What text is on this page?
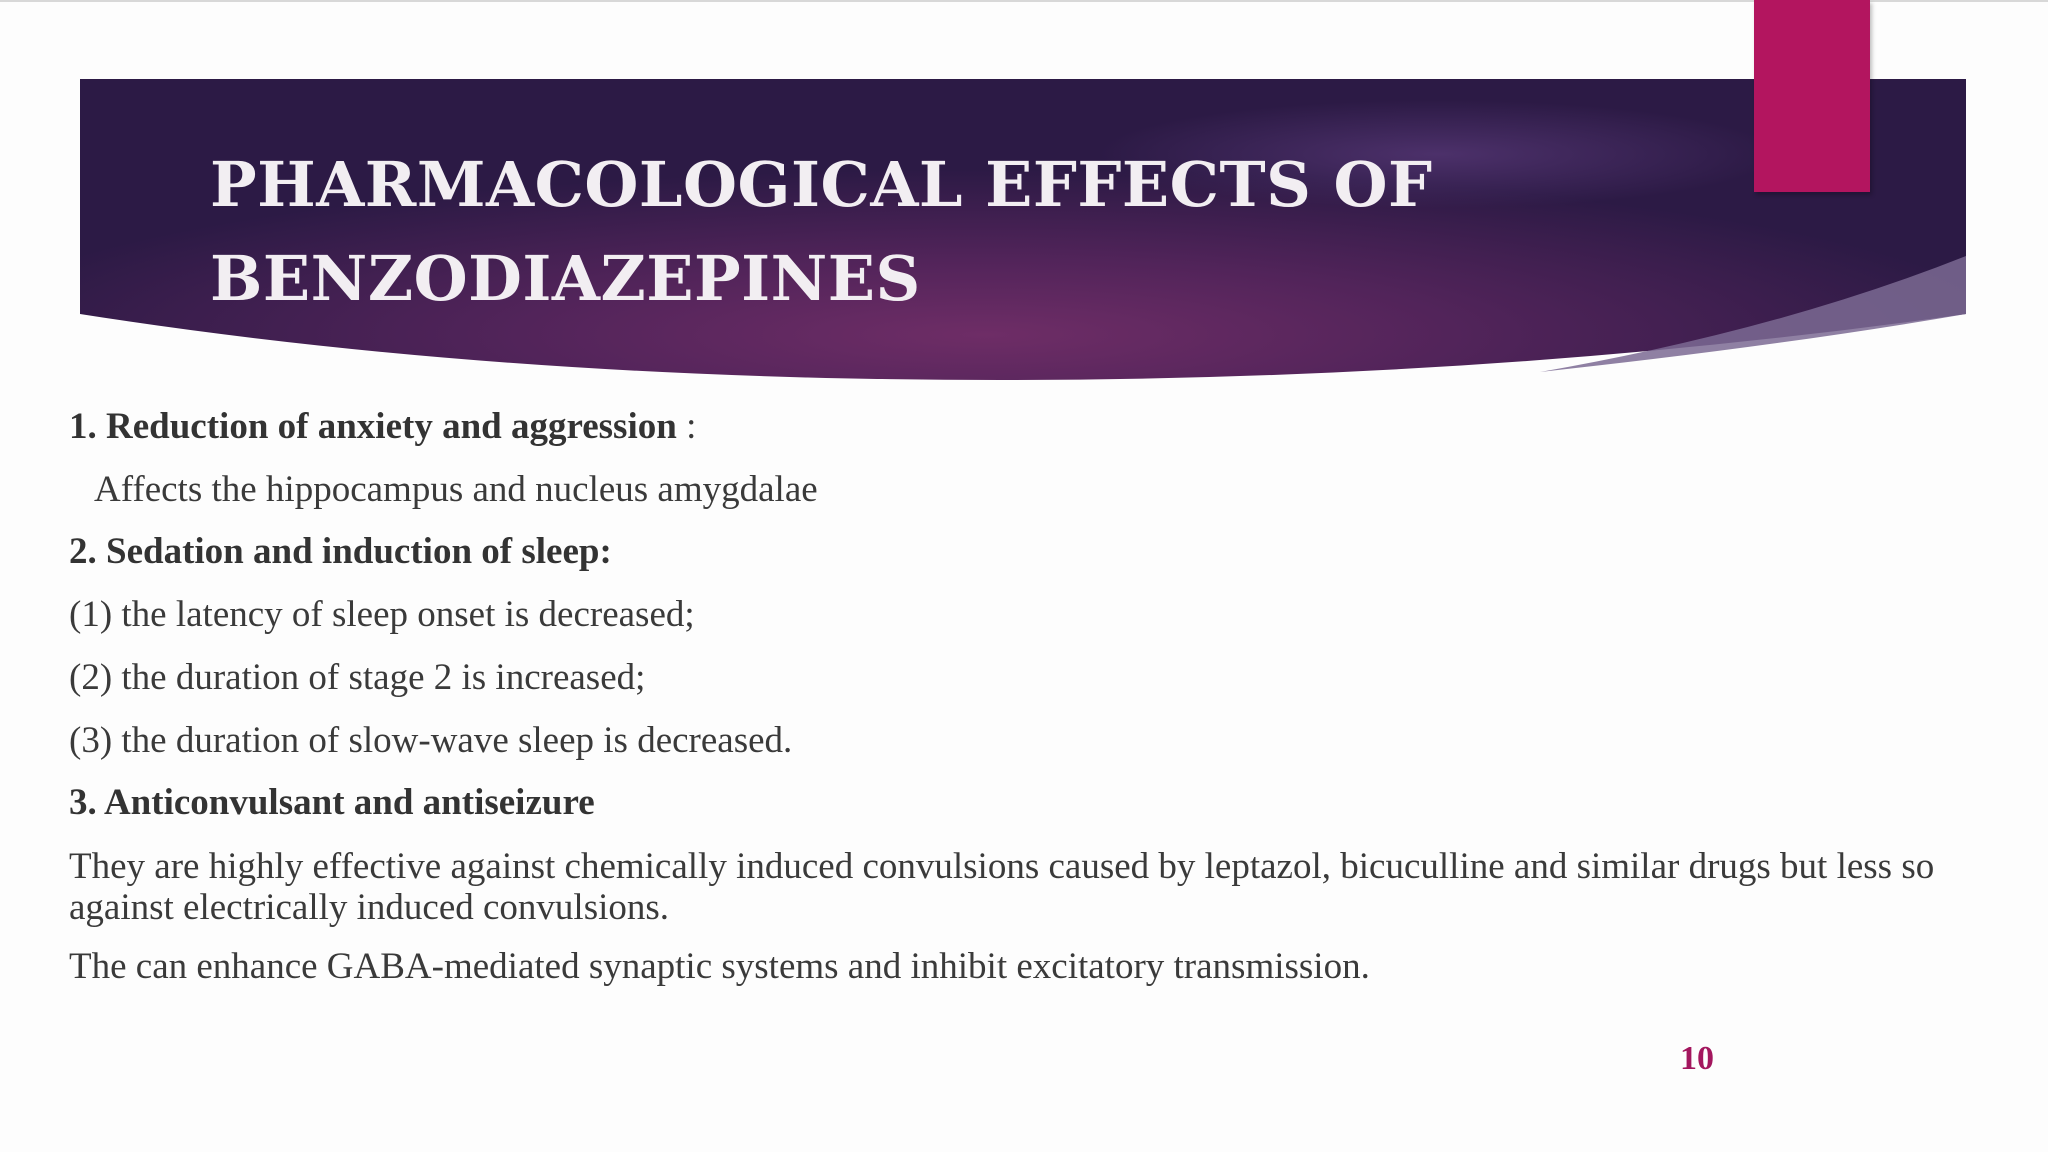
PHARMACOLOGICAL EFFECTS OF
BENZODIAZEPINES
1. Reduction of anxiety and aggression :
Affects the hippocampus and nucleus amygdalae
2. Sedation and induction of sleep:
(1) the latency of sleep onset is decreased;
(2) the duration of stage 2 is increased;
(3) the duration of slow-wave sleep is decreased.
3. Anticonvulsant and antiseizure
They are highly effective against chemically induced convulsions caused by leptazol, bicuculline and similar drugs but less so against electrically induced convulsions.
The can enhance GABA-mediated synaptic systems and inhibit excitatory transmission.
10
